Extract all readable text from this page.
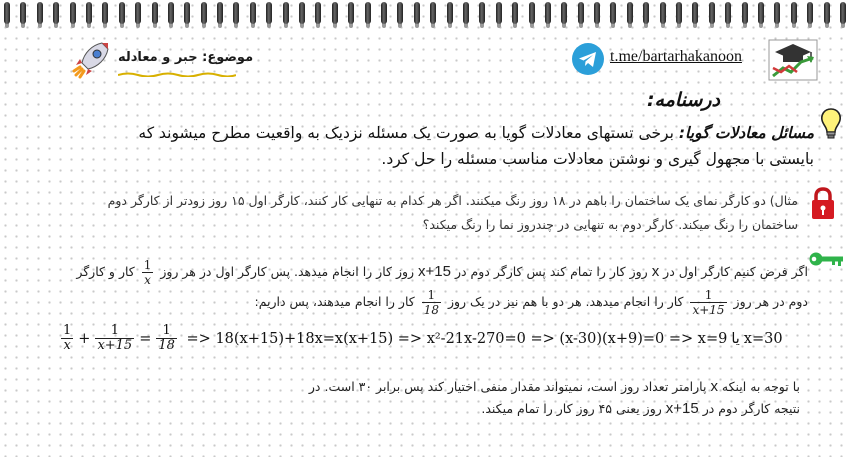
موضوع: جبر و معادله	t.me/bartarhakanoon
درسنامه:
مسائل معادلات گویا: برخی تستهای معادلات گویا به صورت یک مسئله نزدیک به واقعیت مطرح میشوند که بایستی با مجهول گیری و نوشتن معادلات مناسب مسئله را حل کرد.
مثال) دو کارگر نمای یک ساختمان را باهم در ۱۸ روز رنگ میکنند. اگر هر کدام به تنهایی کار کنند، کارگر اول ۱۵ روز زودتر از کارگر دوم ساختمان را رنگ میکند. کارگر دوم به تنهایی در چندروز نما را رنگ میکند؟
اگر فرض کنیم کارگر اول در x روز کار را تمام کند پس کارگر دوم در x+15 روز کار را انجام میدهد. پس کارگر اول در هر روز
$\frac{1}{x}$
کار و کارگر
دوم در هر روز
$\frac{1}{x+15}$
کار را انجام میدهد. هر دو با هم نیز در یک روز
$\frac{1}{18}$
کار را انجام میدهند، پس داریم:
$\frac{1}{x} + \frac{1}{x+15} = \frac{1}{18} => 18(x+15)+18x=x(x+15) => x^2-21x-270=0 => (x-30)(x+9)=0$ => x=9یاx=30
با توجه به اینکه x پارامتر تعداد روز است، نمیتواند مقدار منفی اختیار کند پس برابر ۳۰ است. در
نتیجه کارگر دوم در x+15 روز یعنی ۴۵ روز کار را تمام میکند.
